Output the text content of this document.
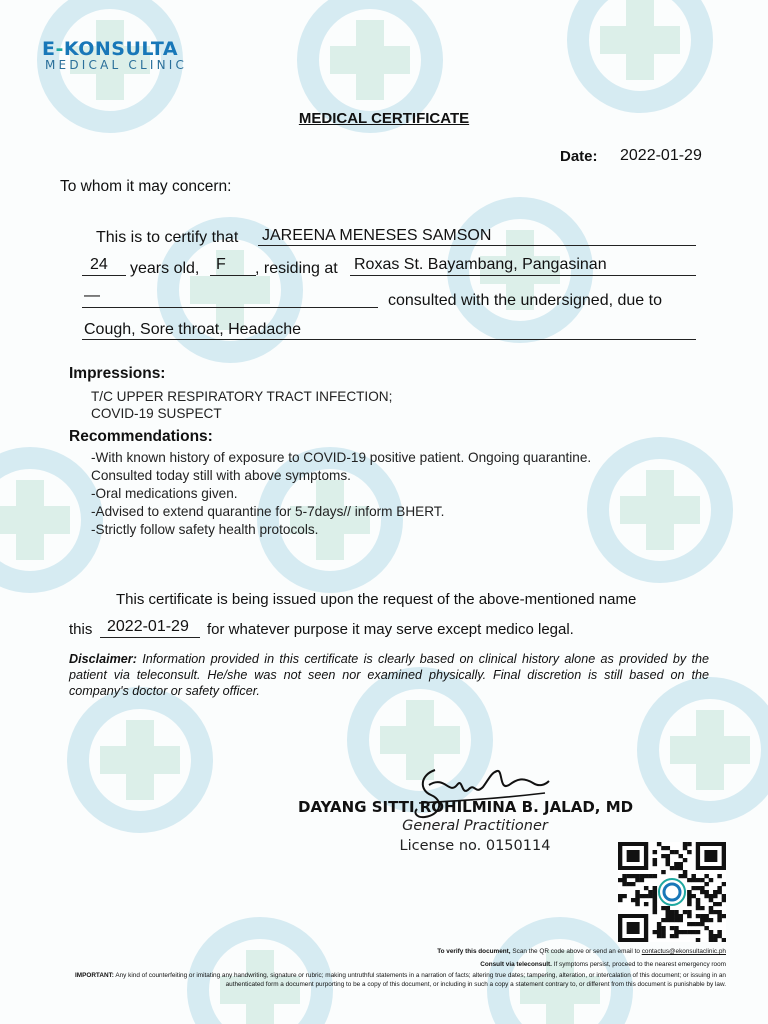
E-KONSULTA
MEDICAL CLINIC
MEDICAL CERTIFICATE
Date: 2022-01-29
To whom it may concern:
This is to certify that JAREENA MENESES SAMSON
24 years old, F , residing at Roxas St. Bayambang, Pangasinan
—	consulted with the undersigned, due to
Cough, Sore throat, Headache
Impressions:
T/C UPPER RESPIRATORY TRACT INFECTION;
COVID-19 SUSPECT
Recommendations:
-With known history of exposure to COVID-19 positive patient. Ongoing quarantine.
Consulted today still with above symptoms.
-Oral medications given.
-Advised to extend quarantine for 5-7days// inform BHERT.
-Strictly follow safety health protocols.
This certificate is being issued upon the request of the above-mentioned name
this 2022-01-29 for whatever purpose it may serve except medico legal.
Disclaimer: Information provided in this certificate is clearly based on clinical history alone as provided by the patient via teleconsult. He/she was not seen nor examined physically. Final discretion is still based on the company's doctor or safety officer.
DAYANG SITTI ROHILMINA B. JALAD, MD
General Practitioner
License no. 0150114
To verify this document, Scan the QR code above or send an email to contactus@ekonsultaclinic.ph
Consult via teleconsult. If symptoms persist, proceed to the nearest emergency room
IMPORTANT: Any kind of counterfeiting or imitating any handwriting, signature or rubric; making untruthful statements in a narration of facts; altering true dates; tampering, alteration, or intercalation of this document; or issuing in an authenticated form a document purporting to be a copy of this document, or including in such a copy a statement contrary to, or different from this document is punishable by law.
